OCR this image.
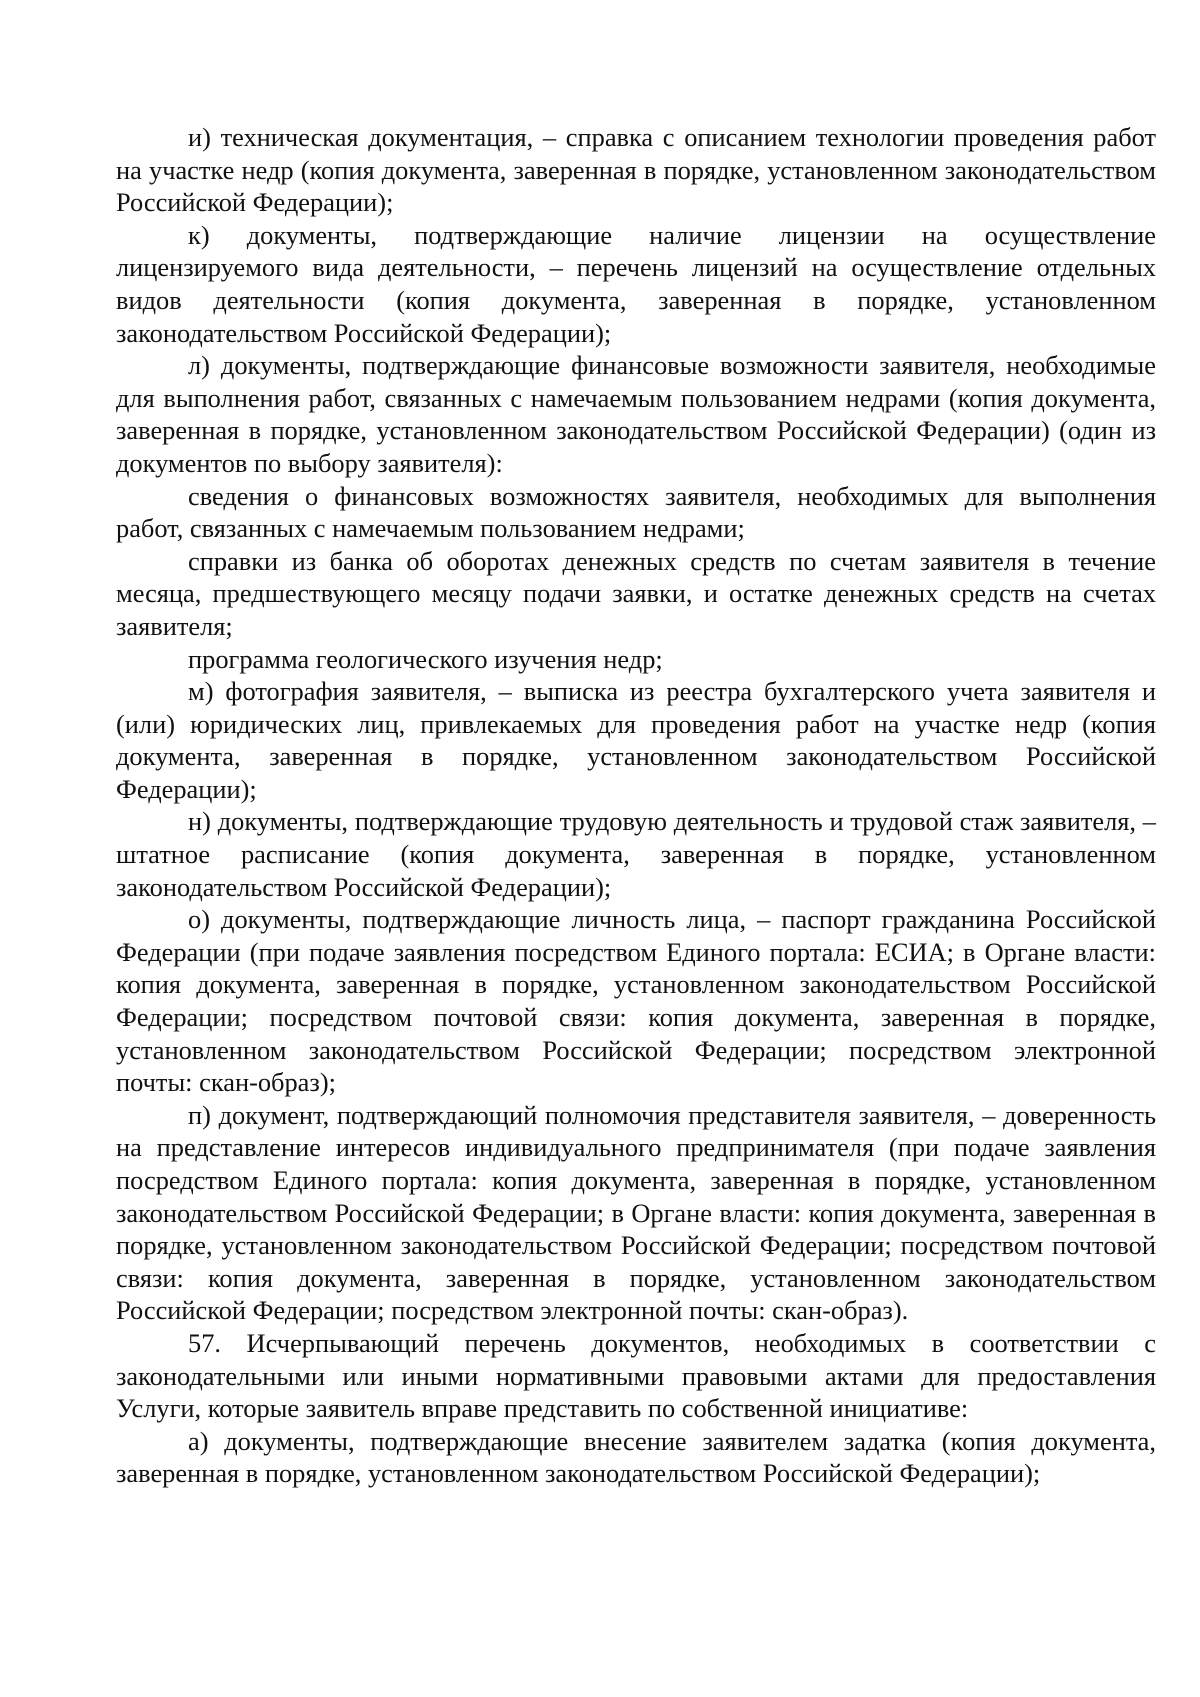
и) техническая документация, – справка с описанием технологии проведения работ на участке недр (копия документа, заверенная в порядке, установленном законодательством Российской Федерации);

к) документы, подтверждающие наличие лицензии на осуществление лицензируемого вида деятельности, – перечень лицензий на осуществление отдельных видов деятельности (копия документа, заверенная в порядке, установленном законодательством Российской Федерации);

л) документы, подтверждающие финансовые возможности заявителя, необходимые для выполнения работ, связанных с намечаемым пользованием недрами (копия документа, заверенная в порядке, установленном законодательством Российской Федерации) (один из документов по выбору заявителя):

сведения о финансовых возможностях заявителя, необходимых для выполнения работ, связанных с намечаемым пользованием недрами;

справки из банка об оборотах денежных средств по счетам заявителя в течение месяца, предшествующего месяцу подачи заявки, и остатке денежных средств на счетах заявителя;

программа геологического изучения недр;

м) фотография заявителя, – выписка из реестра бухгалтерского учета заявителя и (или) юридических лиц, привлекаемых для проведения работ на участке недр (копия документа, заверенная в порядке, установленном законодательством Российской Федерации);

н) документы, подтверждающие трудовую деятельность и трудовой стаж заявителя, – штатное расписание (копия документа, заверенная в порядке, установленном законодательством Российской Федерации);

о) документы, подтверждающие личность лица, – паспорт гражданина Российской Федерации (при подаче заявления посредством Единого портала: ЕСИА; в Органе власти: копия документа, заверенная в порядке, установленном законодательством Российской Федерации; посредством почтовой связи: копия документа, заверенная в порядке, установленном законодательством Российской Федерации; посредством электронной почты: скан-образ);

п) документ, подтверждающий полномочия представителя заявителя, – доверенность на представление интересов индивидуального предпринимателя (при подаче заявления посредством Единого портала: копия документа, заверенная в порядке, установленном законодательством Российской Федерации; в Органе власти: копия документа, заверенная в порядке, установленном законодательством Российской Федерации; посредством почтовой связи: копия документа, заверенная в порядке, установленном законодательством Российской Федерации; посредством электронной почты: скан-образ).

57. Исчерпывающий перечень документов, необходимых в соответствии с законодательными или иными нормативными правовыми актами для предоставления Услуги, которые заявитель вправе представить по собственной инициативе:

а) документы, подтверждающие внесение заявителем задатка (копия документа, заверенная в порядке, установленном законодательством Российской Федерации);
